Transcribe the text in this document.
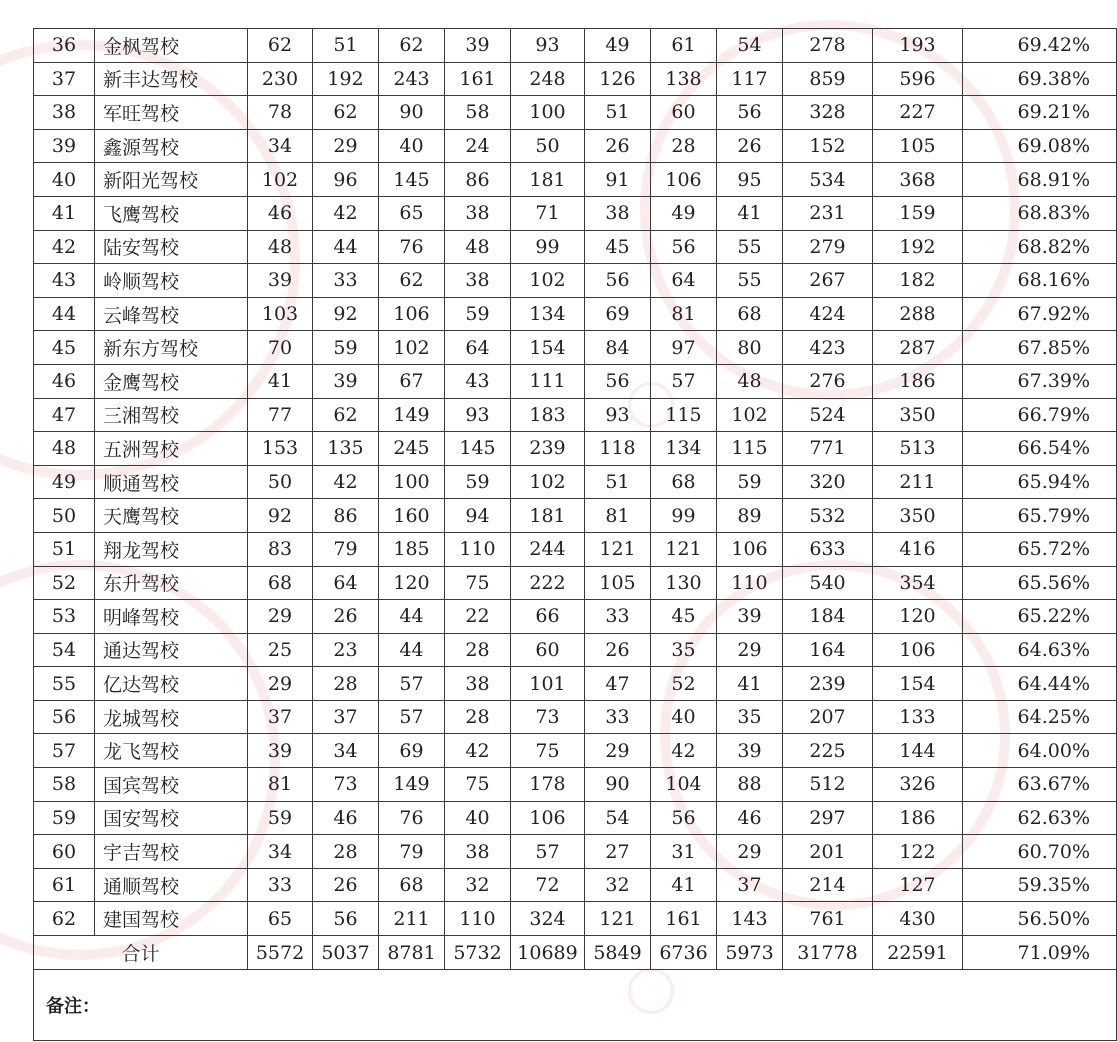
36	金枫驾校	62	51	62	39	93	49	61	54	278	193	69.42%
37	新丰达驾校	230	192	243	161	248	126	138	117	859	596	69.38%
38	军旺驾校	78	62	90	58	100	51	60	56	328	227	69.21%
39	鑫源驾校	34	29	40	24	50	26	28	26	152	105	69.08%
40	新阳光驾校	102	96	145	86	181	91	106	95	534	368	68.91%
41	飞鹰驾校	46	42	65	38	71	38	49	41	231	159	68.83%
42	陆安驾校	48	44	76	48	99	45	56	55	279	192	68.82%
43	岭顺驾校	39	33	62	38	102	56	64	55	267	182	68.16%
44	云峰驾校	103	92	106	59	134	69	81	68	424	288	67.92%
45	新东方驾校	70	59	102	64	154	84	97	80	423	287	67.85%
46	金鹰驾校	41	39	67	43	111	56	57	48	276	186	67.39%
47	三湘驾校	77	62	149	93	183	93	115	102	524	350	66.79%
48	五洲驾校	153	135	245	145	239	118	134	115	771	513	66.54%
49	顺通驾校	50	42	100	59	102	51	68	59	320	211	65.94%
50	天鹰驾校	92	86	160	94	181	81	99	89	532	350	65.79%
51	翔龙驾校	83	79	185	110	244	121	121	106	633	416	65.72%
52	东升驾校	68	64	120	75	222	105	130	110	540	354	65.56%
53	明峰驾校	29	26	44	22	66	33	45	39	184	120	65.22%
54	通达驾校	25	23	44	28	60	26	35	29	164	106	64.63%
55	亿达驾校	29	28	57	38	101	47	52	41	239	154	64.44%
56	龙城驾校	37	37	57	28	73	33	40	35	207	133	64.25%
57	龙飞驾校	39	34	69	42	75	29	42	39	225	144	64.00%
58	国宾驾校	81	73	149	75	178	90	104	88	512	326	63.67%
59	国安驾校	59	46	76	40	106	54	56	46	297	186	62.63%
60	宇吉驾校	34	28	79	38	57	27	31	29	201	122	60.70%
61	通顺驾校	33	26	68	32	72	32	41	37	214	127	59.35%
62	建国驾校	65	56	211	110	324	121	161	143	761	430	56.50%
合计		5572	5037	8781	5732	10689	5849	6736	5973	31778	22591	71.09%
备注：												
